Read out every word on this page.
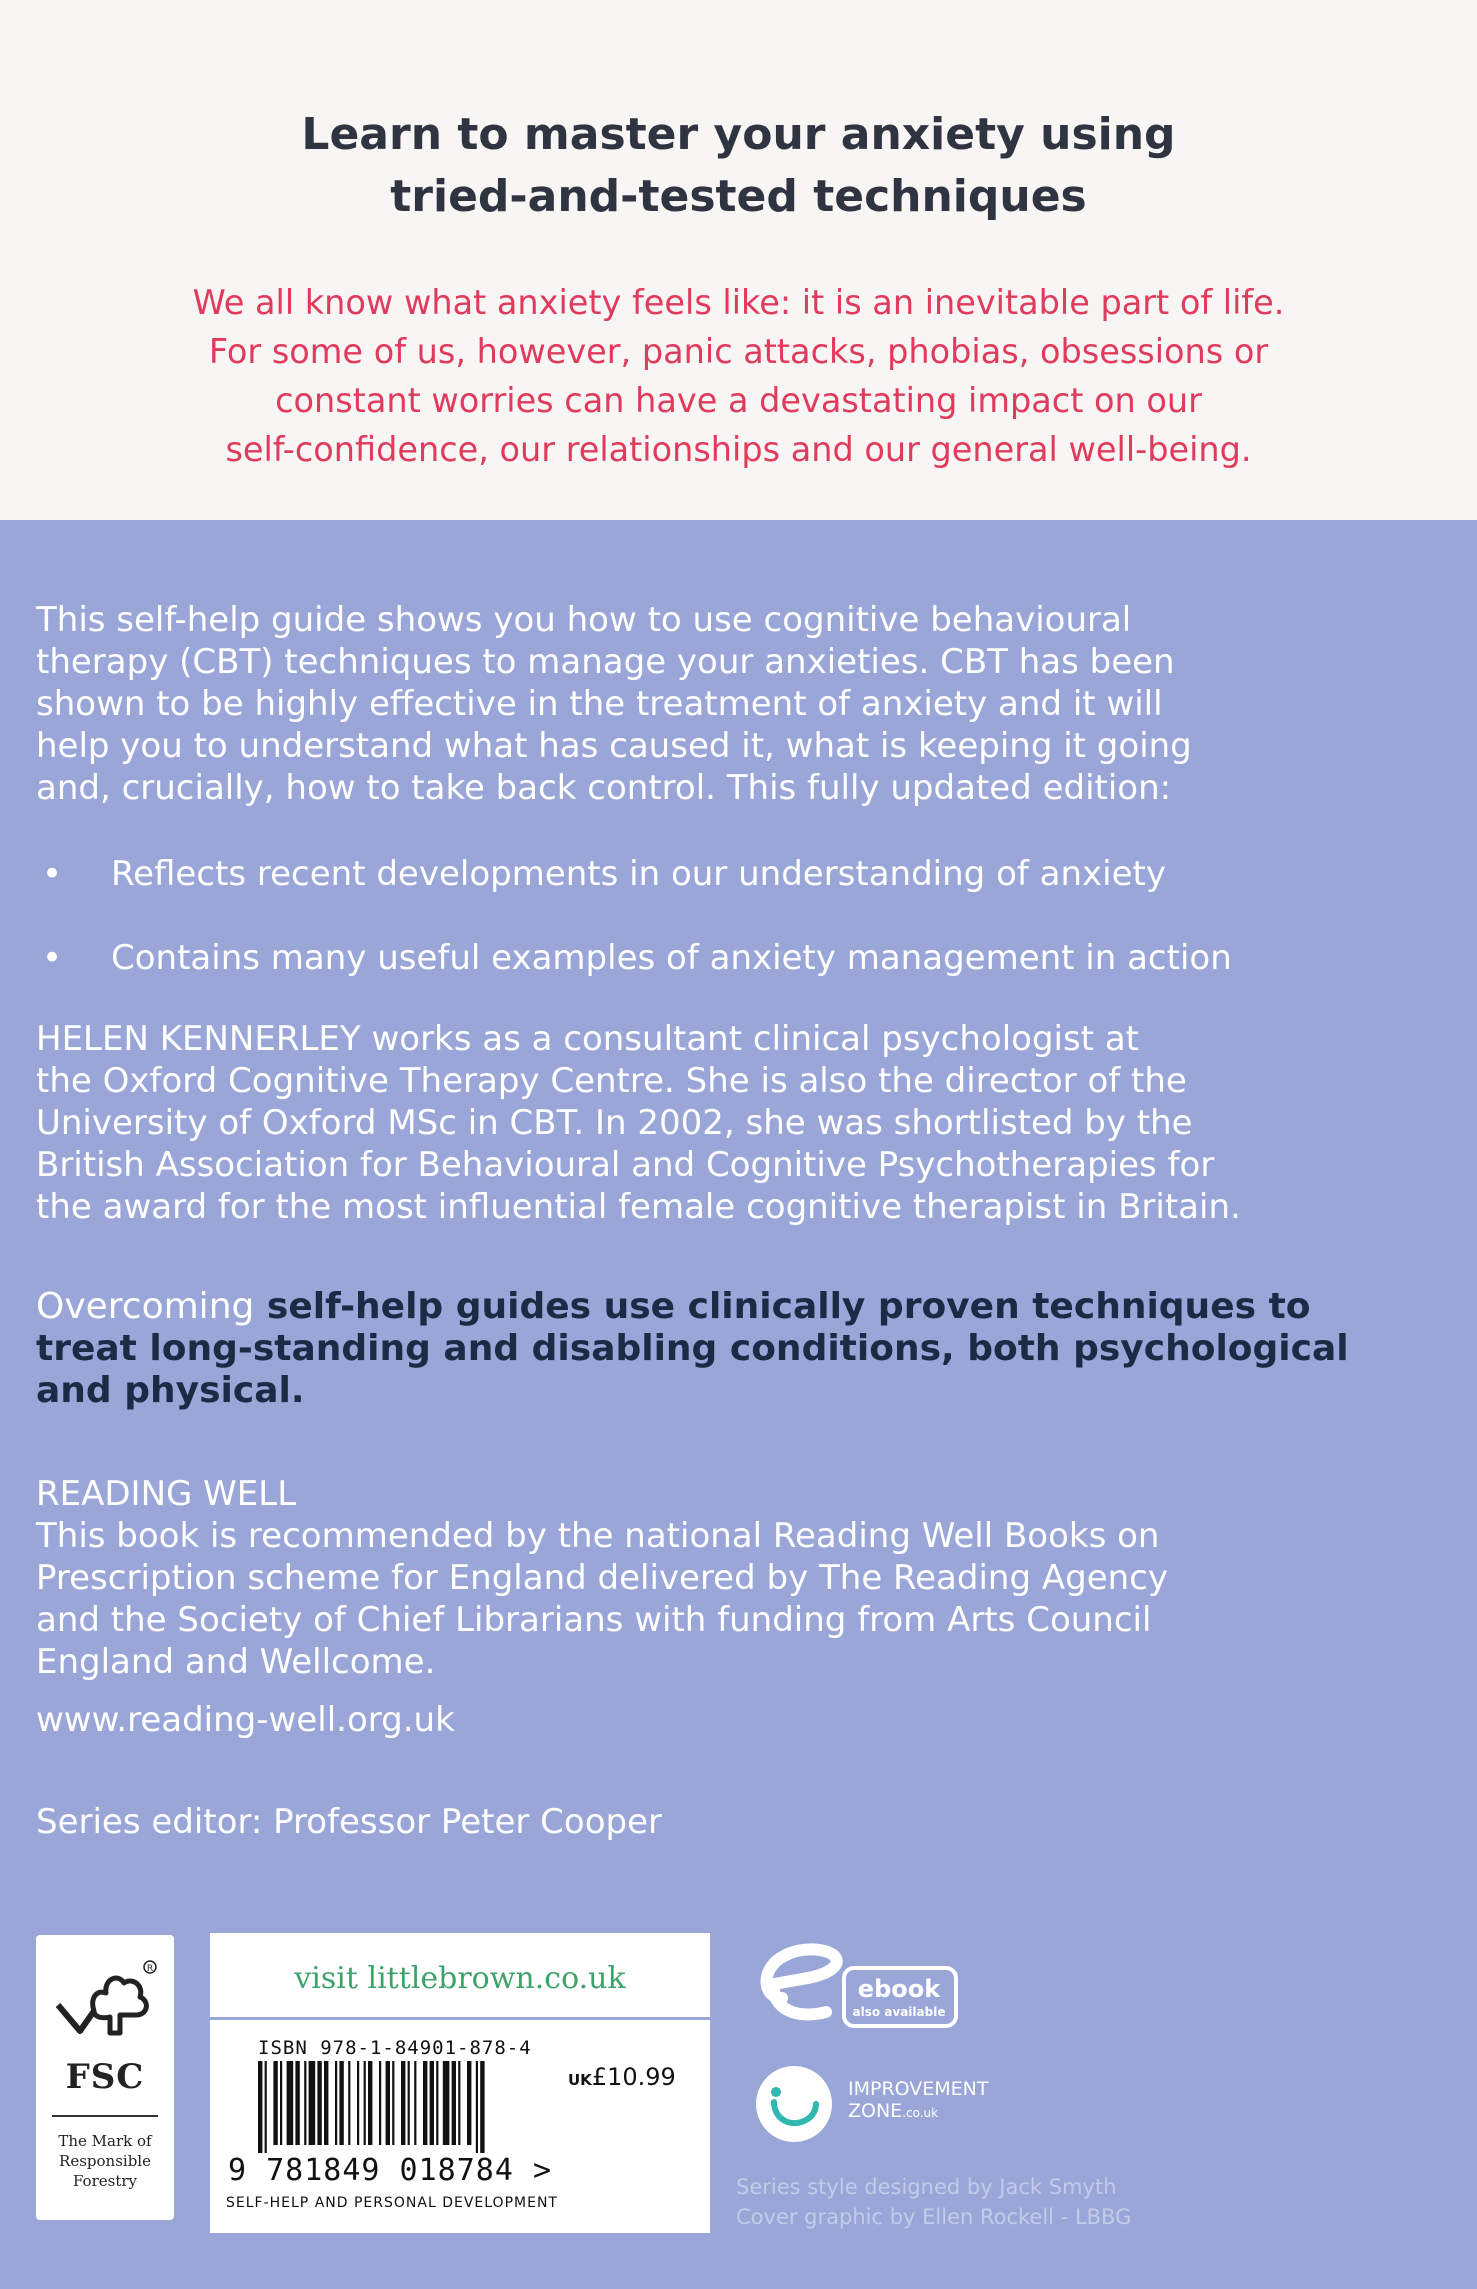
Learn to master your anxiety using
tried-and-tested techniques
We all know what anxiety feels like: it is an inevitable part of life.
For some of us, however, panic attacks, phobias, obsessions or
constant worries can have a devastating impact on our
self-confidence, our relationships and our general well-being.
This self-help guide shows you how to use cognitive behavioural
therapy (CBT) techniques to manage your anxieties. CBT has been
shown to be highly effective in the treatment of anxiety and it will
help you to understand what has caused it, what is keeping it going
and, crucially, how to take back control. This fully updated edition:
• Reflects recent developments in our understanding of anxiety
• Contains many useful examples of anxiety management in action
HELEN KENNERLEY works as a consultant clinical psychologist at
the Oxford Cognitive Therapy Centre. She is also the director of the
University of Oxford MSc in CBT. In 2002, she was shortlisted by the
British Association for Behavioural and Cognitive Psychotherapies for
the award for the most influential female cognitive therapist in Britain.
Overcoming self-help guides use clinically proven techniques to
treat long-standing and disabling conditions, both psychological
and physical.
READING WELL
This book is recommended by the national Reading Well Books on
Prescription scheme for England delivered by The Reading Agency
and the Society of Chief Librarians with funding from Arts Council
England and Wellcome.
www.reading-well.org.uk
Series editor: Professor Peter Cooper
R
FSC
The Mark of
Responsible
Forestry
visit littlebrown.co.uk
ISBN 978-1-84901-878-4
UK£10.99
9 781849 018784 >
SELF-HELP AND PERSONAL DEVELOPMENT
ebook
also available
IMPROVEMENT
ZONE.co.uk
Series style designed by Jack Smyth
Cover graphic by Ellen Rockell - LBBG
